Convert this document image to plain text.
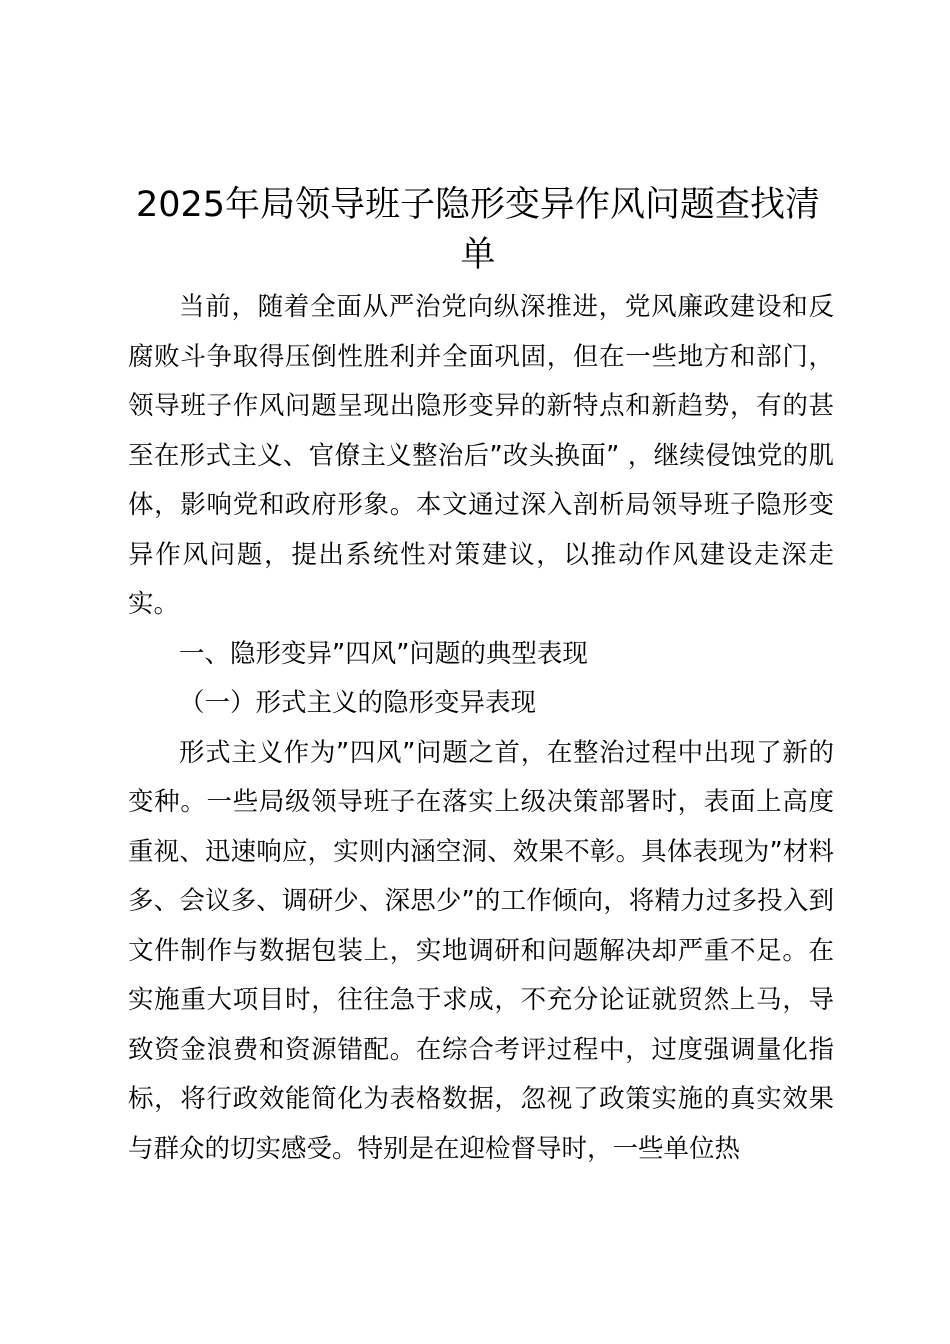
2025年局领导班子隐形变异作风问题查找清单

当前，随着全面从严治党向纵深推进，党风廉政建设和反腐败斗争取得压倒性胜利并全面巩固，但在一些地方和部门，领导班子作风问题呈现出隐形变异的新特点和新趋势，有的甚至在形式主义、官僚主义整治后”改头换面” ，继续侵蚀党的肌体，影响党和政府形象。本文通过深入剖析局领导班子隐形变异作风问题，提出系统性对策建议，以推动作风建设走深走实。

一、隐形变异”四风”问题的典型表现

（一）形式主义的隐形变异表现

形式主义作为”四风”问题之首，在整治过程中出现了新的变种。一些局级领导班子在落实上级决策部署时，表面上高度重视、迅速响应，实则内涵空洞、效果不彰。具体表现为”材料多、会议多、调研少、深思少”的工作倾向，将精力过多投入到文件制作与数据包装上，实地调研和问题解决却严重不足。在实施重大项目时，往往急于求成，不充分论证就贸然上马，导致资金浪费和资源错配。在综合考评过程中，过度强调量化指标，将行政效能简化为表格数据，忽视了政策实施的真实效果与群众的切实感受。特别是在迎检督导时，一些单位热
